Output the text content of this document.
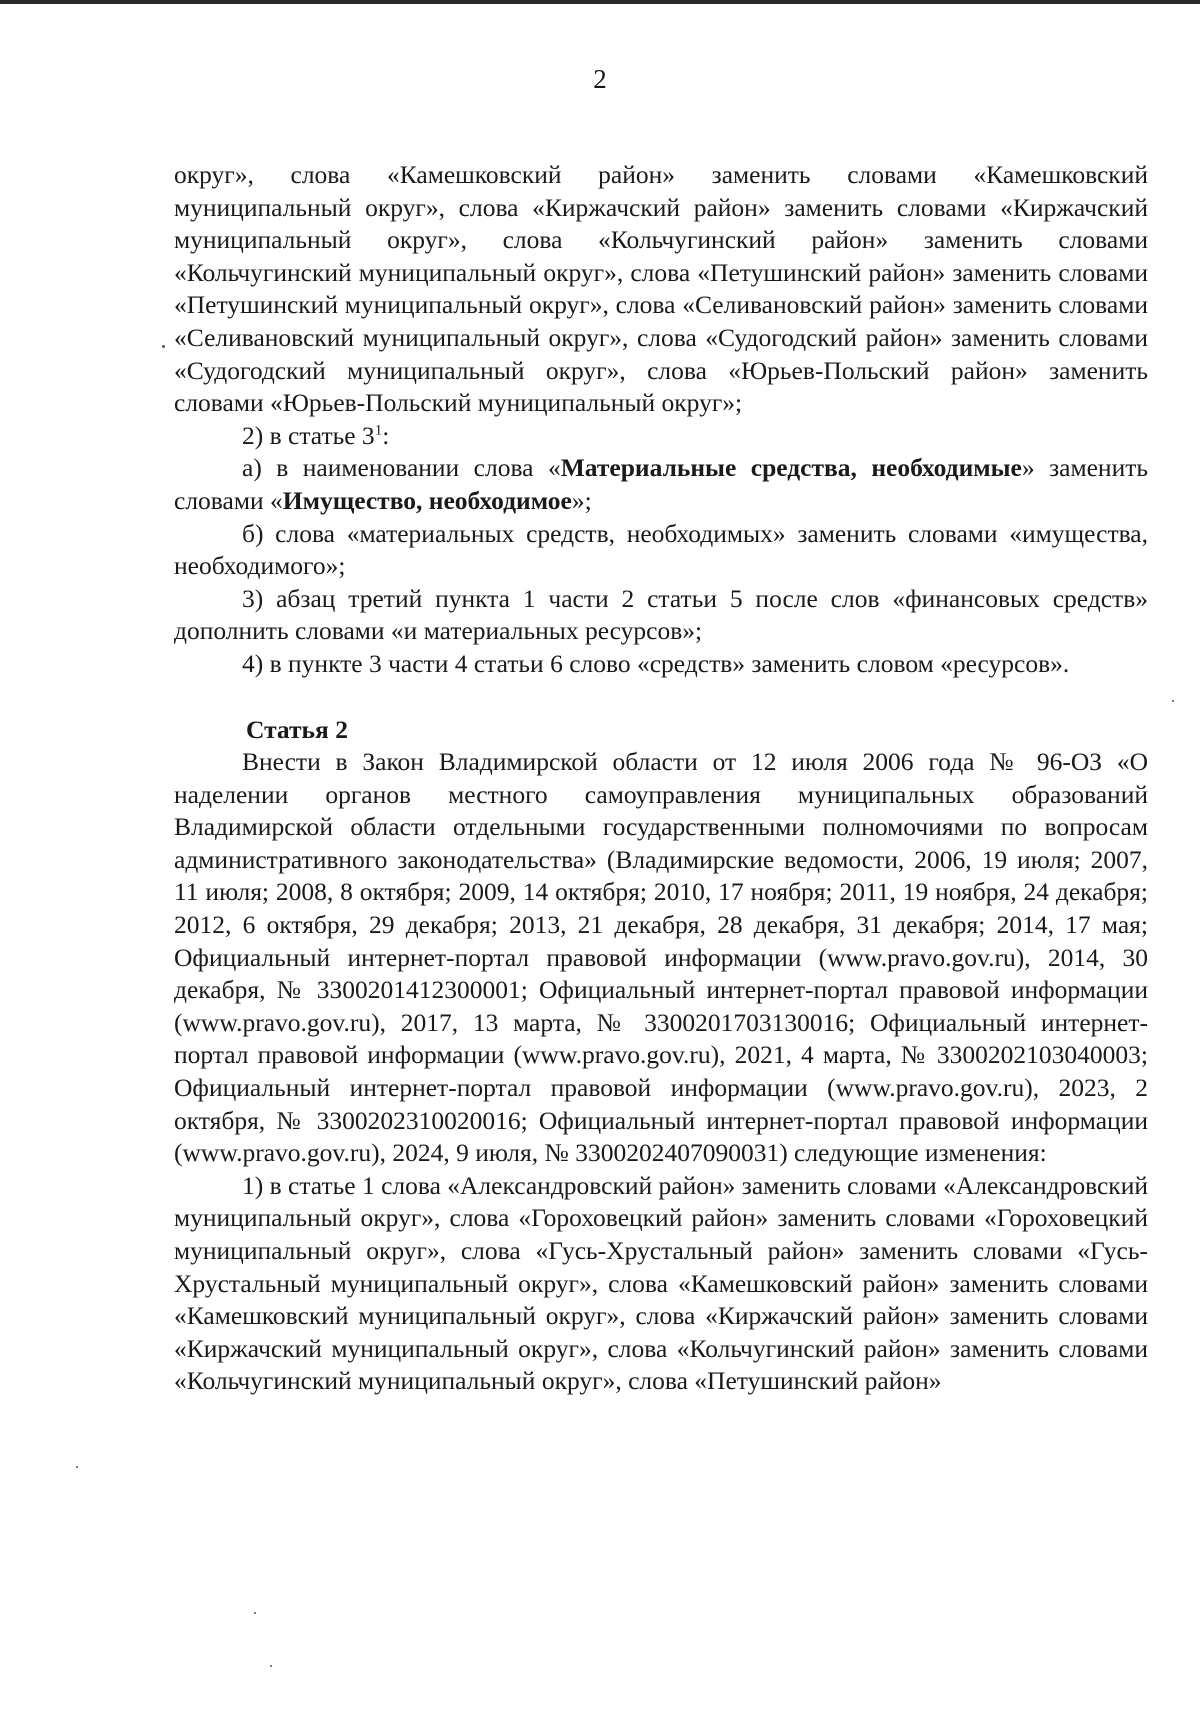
2

округ», слова «Камешковский район» заменить словами «Камешковский муниципальный округ», слова «Киржачский район» заменить словами «Киржачский муниципальный округ», слова «Кольчугинский район» заменить словами «Кольчугинский муниципальный округ», слова «Петушинский район» заменить словами «Петушинский муниципальный округ», слова «Селивановский район» заменить словами «Селивановский муниципальный округ», слова «Судогодский район» заменить словами «Судогодский муниципальный округ», слова «Юрьев-Польский район» заменить словами «Юрьев-Польский муниципальный округ»;

2) в статье $3^1$:

а) в наименовании слова «Материальные средства, необходимые» заменить словами «Имущество, необходимое»;

б) слова «материальных средств, необходимых» заменить словами «имущества, необходимого»;

3) абзац третий пункта 1 части 2 статьи 5 после слов «финансовых средств» дополнить словами «и материальных ресурсов»;

4) в пункте 3 части 4 статьи 6 слово «средств» заменить словом «ресурсов».

Статья 2

Внести в Закон Владимирской области от 12 июля 2006 года № 96-ОЗ «О наделении органов местного самоуправления муниципальных образований Владимирской области отдельными государственными полномочиями по вопросам административного законодательства» (Владимирские ведомости, 2006, 19 июля; 2007, 11 июля; 2008, 8 октября; 2009, 14 октября; 2010, 17 ноября; 2011, 19 ноября, 24 декабря; 2012, 6 октября, 29 декабря; 2013, 21 декабря, 28 декабря, 31 декабря; 2014, 17 мая; Официальный интернет-портал правовой информации (www.pravo.gov.ru), 2014, 30 декабря, № 3300201412300001; Официальный интернет-портал правовой информации (www.pravo.gov.ru), 2017, 13 марта, № 3300201703130016; Официальный интернет-портал правовой информации (www.pravo.gov.ru), 2021, 4 марта, № 3300202103040003; Официальный интернет-портал правовой информации (www.pravo.gov.ru), 2023, 2 октября, № 3300202310020016; Официальный интернет-портал правовой информации (www.pravo.gov.ru), 2024, 9 июля, № 3300202407090031) следующие изменения:

1) в статье 1 слова «Александровский район» заменить словами «Александровский муниципальный округ», слова «Гороховецкий район» заменить словами «Гороховецкий муниципальный округ», слова «Гусь-Хрустальный район» заменить словами «Гусь-Хрустальный муниципальный округ», слова «Камешковский район» заменить словами «Камешковский муниципальный округ», слова «Киржачский район» заменить словами «Киржачский муниципальный округ», слова «Кольчугинский район» заменить словами «Кольчугинский муниципальный округ», слова «Петушинский район»
